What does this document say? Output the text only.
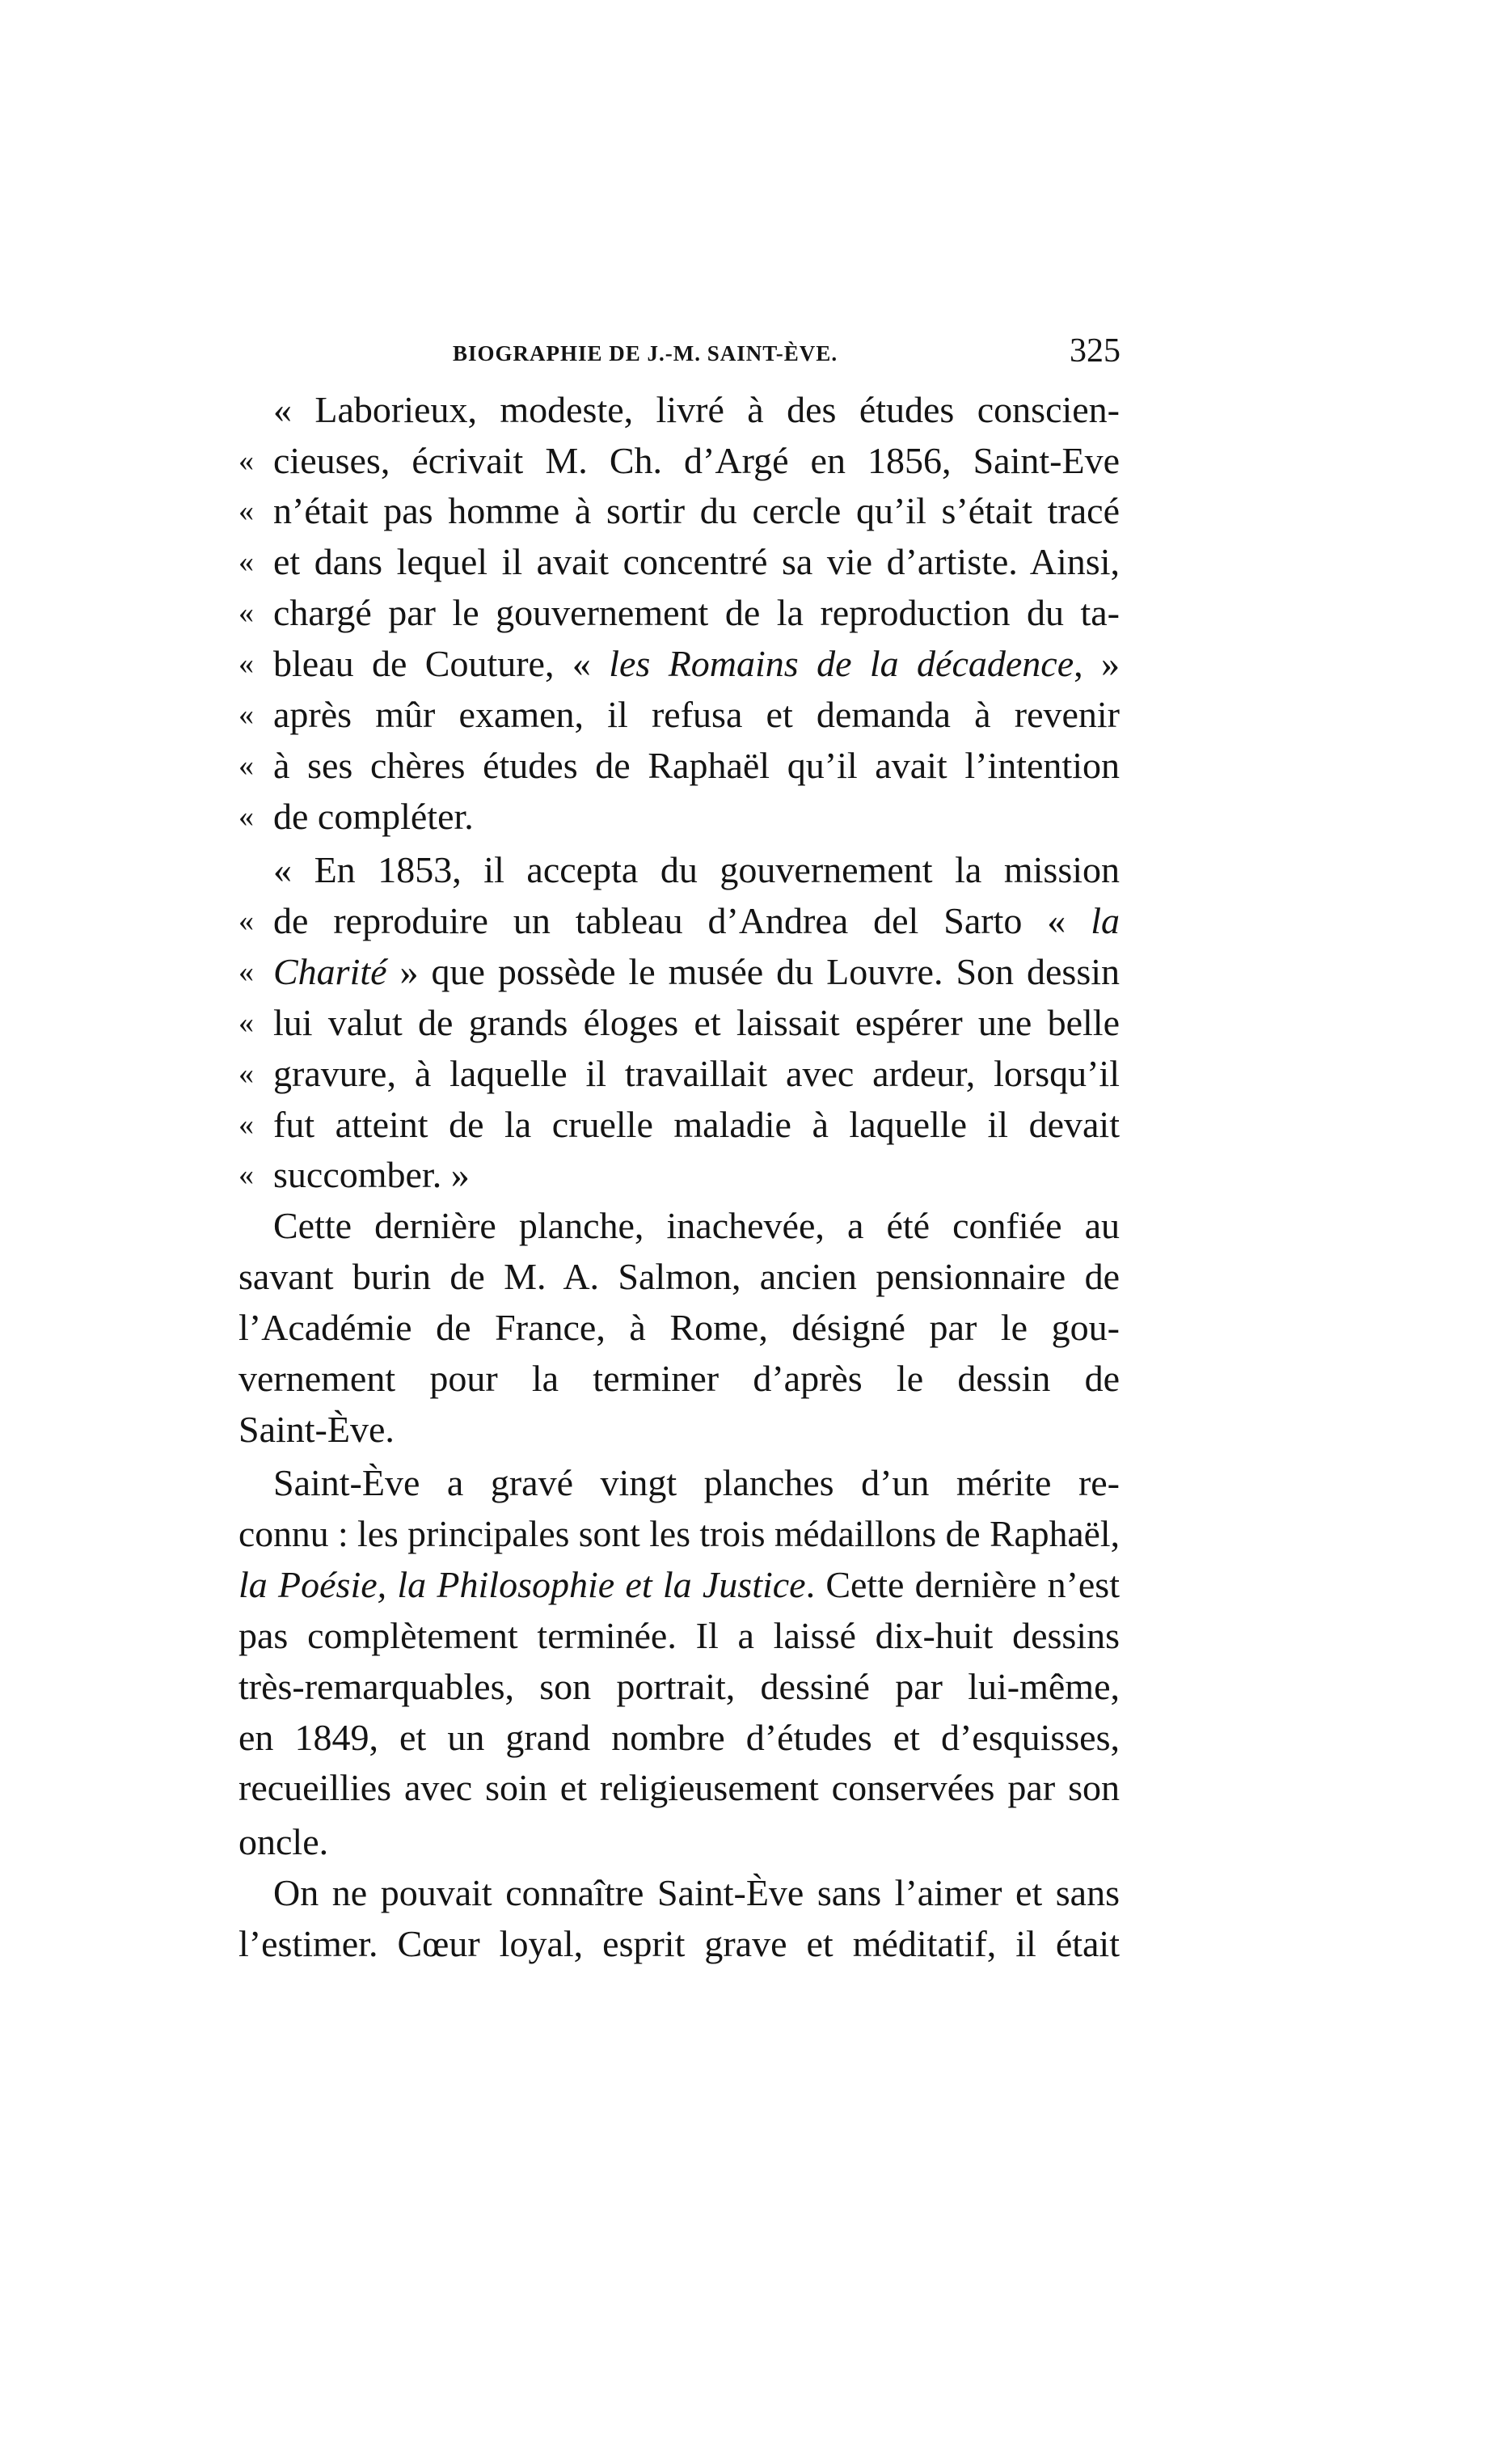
BIOGRAPHIE DE J.-M. SAINT-ÈVE.	325
« Laborieux, modeste, livré à des études conscien-
« cieuses, écrivait M. Ch. d’Argé en 1856, Saint-Eve
« n’était pas homme à sortir du cercle qu’il s’était tracé
« et dans lequel il avait concentré sa vie d’artiste. Ainsi,
« chargé par le gouvernement de la reproduction du ta-
« bleau de Couture, « les Romains de la décadence, »
« après mûr examen, il refusa et demanda à revenir
« à ses chères études de Raphaël qu’il avait l’intention
« de compléter.
« En 1853, il accepta du gouvernement la mission
« de reproduire un tableau d’Andrea del Sarto « la
« Charité » que possède le musée du Louvre. Son dessin
« lui valut de grands éloges et laissait espérer une belle
« gravure, à laquelle il travaillait avec ardeur, lorsqu’il
« fut atteint de la cruelle maladie à laquelle il devait
« succomber. »
Cette dernière planche, inachevée, a été confiée au
savant burin de M. A. Salmon, ancien pensionnaire de
l’Académie de France, à Rome, désigné par le gou-
vernement pour la terminer d’après le dessin de
Saint-Ève.
Saint-Ève a gravé vingt planches d’un mérite re-
connu : les principales sont les trois médaillons de Raphaël,
la Poésie, la Philosophie et la Justice. Cette dernière n’est
pas complètement terminée. Il a laissé dix-huit dessins
très-remarquables, son portrait, dessiné par lui-même,
en 1849, et un grand nombre d’études et d’esquisses,
recueillies avec soin et religieusement conservées par son
oncle.
On ne pouvait connaître Saint-Ève sans l’aimer et sans
l’estimer. Cœur loyal, esprit grave et méditatif, il était
